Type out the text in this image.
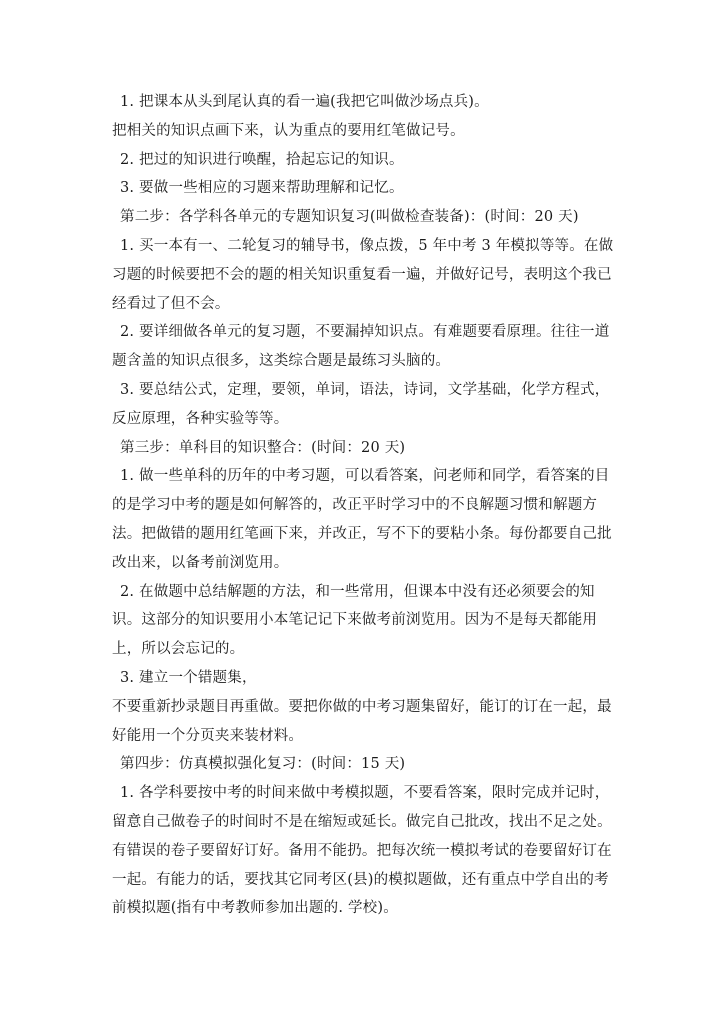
1. 把课本从头到尾认真的看一遍(我把它叫做沙场点兵)。

把相关的知识点画下来，认为重点的要用红笔做记号。

2. 把过的知识进行唤醒，拾起忘记的知识。

3. 要做一些相应的习题来帮助理解和记忆。

第二步：各学科各单元的专题知识复习(叫做检查装备)：(时间：20 天)

1. 买一本有一、二轮复习的辅导书，像点拨，5 年中考 3 年模拟等等。在做习题的时候要把不会的题的相关知识重复看一遍，并做好记号，表明这个我已经看过了但不会。

2. 要详细做各单元的复习题，不要漏掉知识点。有难题要看原理。往往一道题含盖的知识点很多，这类综合题是最练习头脑的。

3. 要总结公式，定理，要领，单词，语法，诗词，文学基础，化学方程式，反应原理，各种实验等等。

第三步：单科目的知识整合：(时间：20 天)

1. 做一些单科的历年的中考习题，可以看答案，问老师和同学，看答案的目的是学习中考的题是如何解答的，改正平时学习中的不良解题习惯和解题方法。把做错的题用红笔画下来，并改正，写不下的要粘小条。每份都要自己批改出来，以备考前浏览用。

2. 在做题中总结解题的方法，和一些常用，但课本中没有还必须要会的知识。这部分的知识要用小本笔记记下来做考前浏览用。因为不是每天都能用上，所以会忘记的。

3. 建立一个错题集，

不要重新抄录题目再重做。要把你做的中考习题集留好，能订的订在一起，最好能用一个分页夹来装材料。

第四步：仿真模拟强化复习：(时间：15 天)

1. 各学科要按中考的时间来做中考模拟题，不要看答案，限时完成并记时，留意自己做卷子的时间时不是在缩短或延长。做完自己批改，找出不足之处。有错误的卷子要留好订好。备用不能扔。把每次统一模拟考试的卷要留好订在一起。有能力的话，要找其它同考区(县)的模拟题做，还有重点中学自出的考前模拟题(指有中考教师参加出题的. 学校)。
